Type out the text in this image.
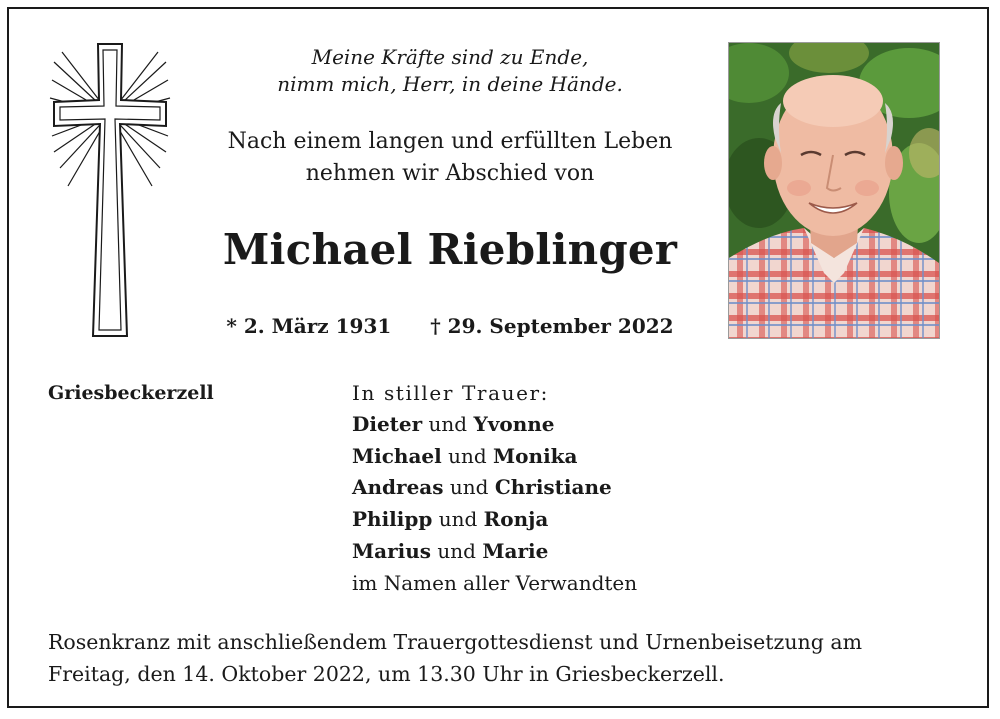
Meine Kräfte sind zu Ende,
nimm mich, Herr, in deine Hände.
Nach einem langen und erfüllten Leben
nehmen wir Abschied von
Michael Rieblinger
* 2. März 1931 † 29. September 2022
Griesbeckerzell	In stiller Trauer:
Dieter und Yvonne
Michael und Monika
Andreas und Christiane
Philipp und Ronja
Marius und Marie
im Namen aller Verwandten
Rosenkranz mit anschließendem Trauergottesdienst und Urnenbeisetzung am
Freitag, den 14. Oktober 2022, um 13.30 Uhr in Griesbeckerzell.
